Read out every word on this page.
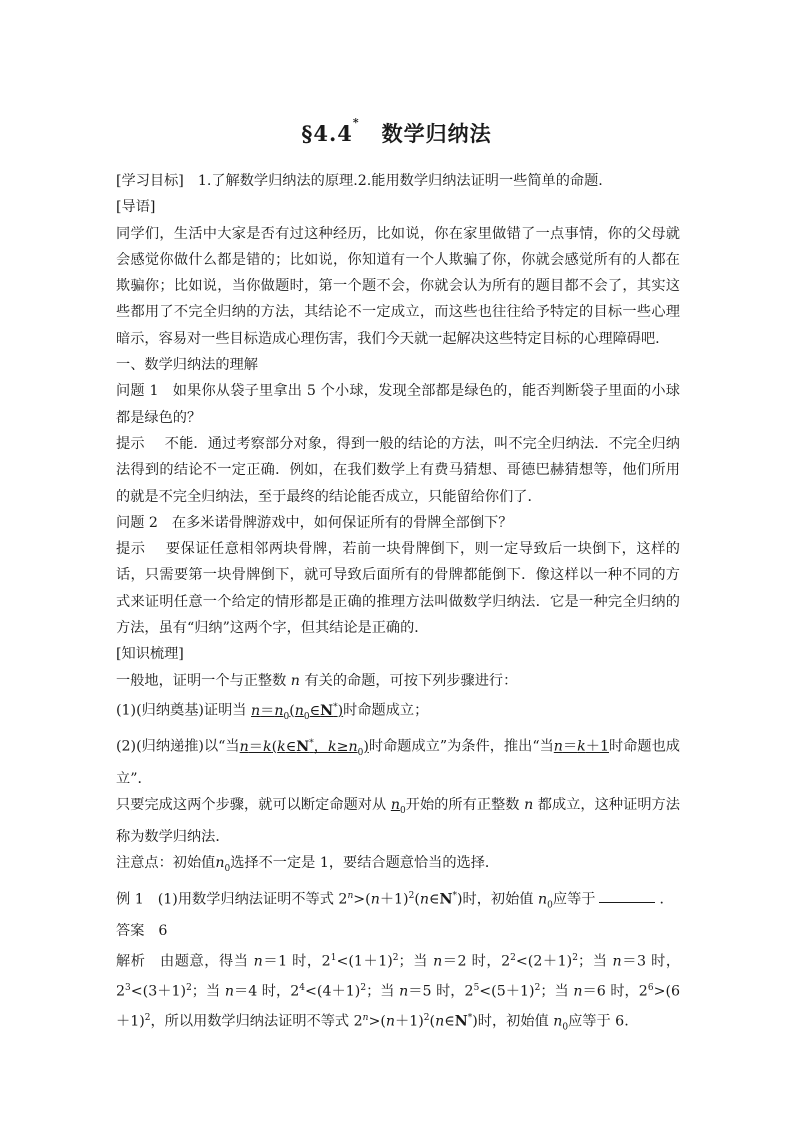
§4.4* 数学归纳法

[学习目标] 1.了解数学归纳法的原理.2.能用数学归纳法证明一些简单的命题.

[导语]

同学们，生活中大家是否有过这种经历，比如说，你在家里做错了一点事情，你的父母就会感觉你做什么都是错的；比如说，你知道有一个人欺骗了你，你就会感觉所有的人都在欺骗你；比如说，当你做题时，第一个题不会，你就会认为所有的题目都不会了，其实这些都用了不完全归纳的方法，其结论不一定成立，而这些也往往给予特定的目标一些心理暗示，容易对一些目标造成心理伤害，我们今天就一起解决这些特定目标的心理障碍吧.

一、数学归纳法的理解

问题 1 如果你从袋子里拿出 5 个小球，发现全部都是绿色的，能否判断袋子里面的小球都是绿色的？

提示 不能．通过考察部分对象，得到一般的结论的方法，叫不完全归纳法．不完全归纳法得到的结论不一定正确．例如，在我们数学上有费马猜想、哥德巴赫猜想等，他们所用的就是不完全归纳法，至于最终的结论能否成立，只能留给你们了．

问题 2 在多米诺骨牌游戏中，如何保证所有的骨牌全部倒下？

提示 要保证任意相邻两块骨牌，若前一块骨牌倒下，则一定导致后一块倒下，这样的话，只需要第一块骨牌倒下，就可导致后面所有的骨牌都能倒下．像这样以一种不同的方式来证明任意一个给定的情形都是正确的推理方法叫做数学归纳法．它是一种完全归纳的方法，虽有“归纳”这两个字，但其结论是正确的．

[知识梳理]

一般地，证明一个与正整数 n 有关的命题，可按下列步骤进行：

(1)(归纳奠基)证明当 $n=n_0(n_0\in N^*)$时命题成立；

(2)(归纳递推)以“当n＝k(k∈N*，$k\ge n_0$)时命题成立”为条件，推出“当n＝k＋1时命题也成立”．

只要完成这两个步骤，就可以断定命题对从 $n_0$开始的所有正整数 n 都成立，这种证明方法称为数学归纳法．

注意点：初始值$n_0$选择不一定是 1，要结合题意恰当的选择．

例 1 (1)用数学归纳法证明不等式 $2^n>(n+1)^2(n\in N^*)$时，初始值 $n_0$应等于	．

答案 6

解析 由题意，得当 n＝1 时，$2^1<(1+1)^2$；当 n＝2 时，$2^2<(2+1)^2$；当 n＝3 时，$2^3<(3+1)^2$；当 n＝4 时，$2^4<(4+1)^2$；当 n＝5 时，$2^5<(5+1)^2$；当 n＝6 时，$2^6>(6+1)^2$，所以用数学归纳法证明不等式 $2^n>(n+1)^2(n\in N^*)$时，初始值 $n_0$应等于 6.
